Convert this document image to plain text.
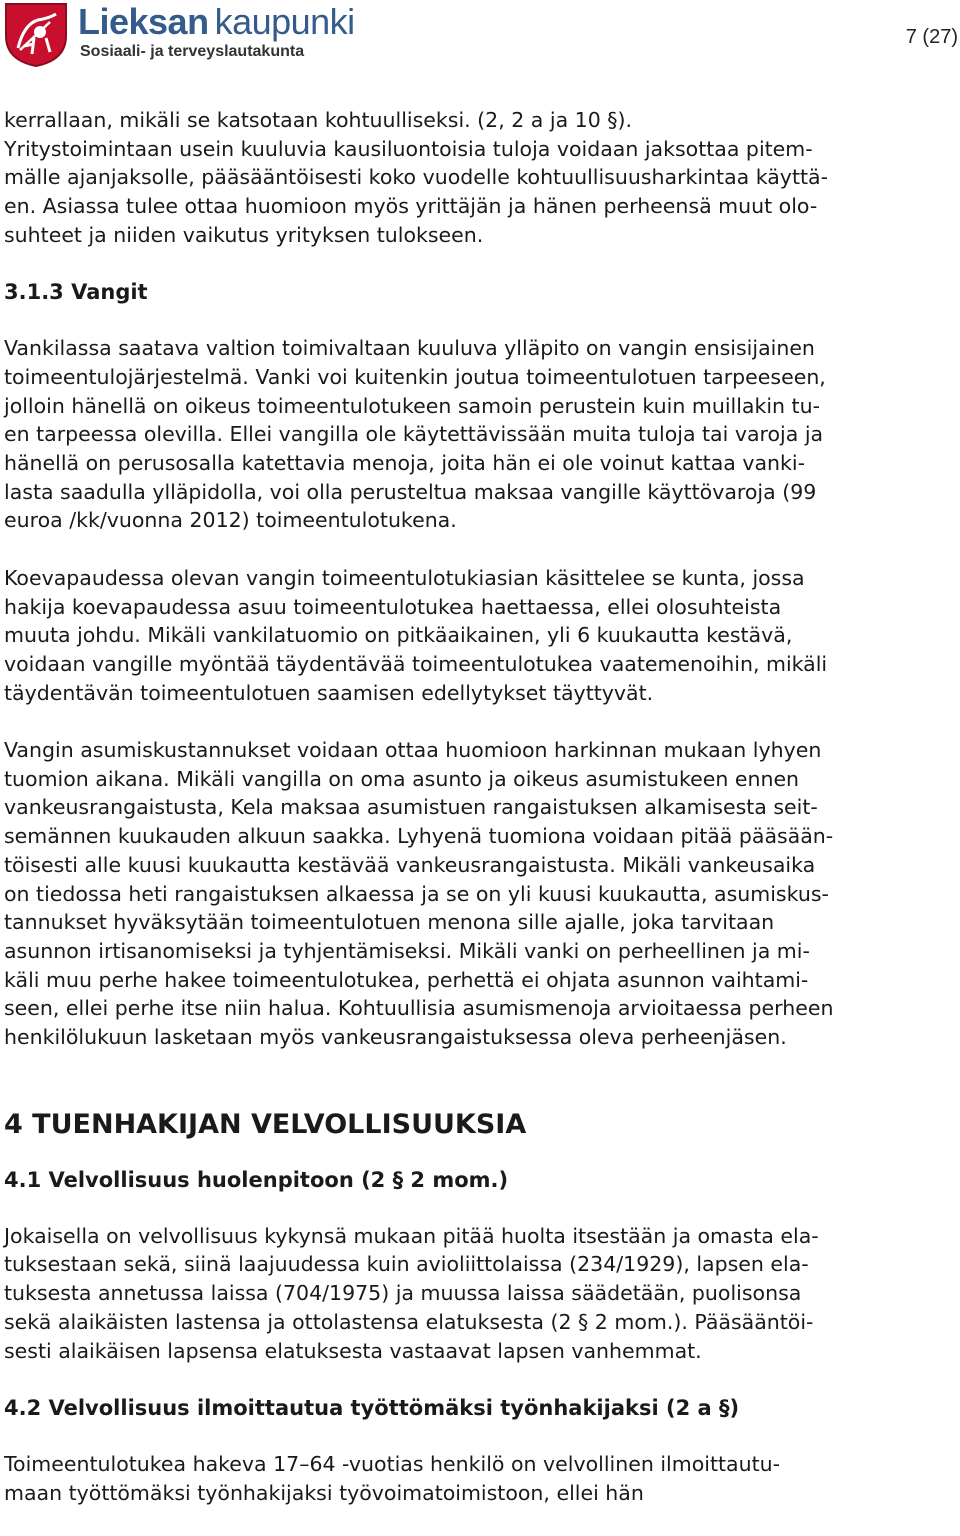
Lieksan kaupunki
Sosiaali- ja terveyslautakunta
7 (27)
kerrallaan, mikäli se katsotaan kohtuulliseksi. (2, 2 a ja 10 §).
Yritystoimintaan usein kuuluvia kausiluontoisia tuloja voidaan jaksottaa pitem-
mälle ajanjaksolle, pääsääntöisesti koko vuodelle kohtuullisuusharkintaa käyttä-
en. Asiassa tulee ottaa huomioon myös yrittäjän ja hänen perheensä muut olo-
suhteet ja niiden vaikutus yrityksen tulokseen.
3.1.3 Vangit
Vankilassa saatava valtion toimivaltaan kuuluva ylläpito on vangin ensisijainen
toimeentulojärjestelmä. Vanki voi kuitenkin joutua toimeentulotuen tarpeeseen,
jolloin hänellä on oikeus toimeentulotukeen samoin perustein kuin muillakin tu-
en tarpeessa olevilla. Ellei vangilla ole käytettävissään muita tuloja tai varoja ja
hänellä on perusosalla katettavia menoja, joita hän ei ole voinut kattaa vanki-
lasta saadulla ylläpidolla, voi olla perusteltua maksaa vangille käyttövaroja (99
euroa /kk/vuonna 2012) toimeentulotukena.
Koevapaudessa olevan vangin toimeentulotukiasian käsittelee se kunta, jossa
hakija koevapaudessa asuu toimeentulotukea haettaessa, ellei olosuhteista
muuta johdu. Mikäli vankilatuomio on pitkäaikainen, yli 6 kuukautta kestävä,
voidaan vangille myöntää täydentävää toimeentulotukea vaatemenoihin, mikäli
täydentävän toimeentulotuen saamisen edellytykset täyttyvät.
Vangin asumiskustannukset voidaan ottaa huomioon harkinnan mukaan lyhyen
tuomion aikana. Mikäli vangilla on oma asunto ja oikeus asumistukeen ennen
vankeusrangaistusta, Kela maksaa asumistuen rangaistuksen alkamisesta seit-
semännen kuukauden alkuun saakka. Lyhyenä tuomiona voidaan pitää pääsään-
töisesti alle kuusi kuukautta kestävää vankeusrangaistusta. Mikäli vankeusaika
on tiedossa heti rangaistuksen alkaessa ja se on yli kuusi kuukautta, asumiskus-
tannukset hyväksytään toimeentulotuen menona sille ajalle, joka tarvitaan
asunnon irtisanomiseksi ja tyhjentämiseksi. Mikäli vanki on perheellinen ja mi-
käli muu perhe hakee toimeentulotukea, perhettä ei ohjata asunnon vaihtami-
seen, ellei perhe itse niin halua. Kohtuullisia asumismenoja arvioitaessa perheen
henkilölukuun lasketaan myös vankeusrangaistuksessa oleva perheenjäsen.
4 TUENHAKIJAN VELVOLLISUUKSIA
4.1 Velvollisuus huolenpitoon (2 § 2 mom.)
Jokaisella on velvollisuus kykynsä mukaan pitää huolta itsestään ja omasta ela-
tuksestaan sekä, siinä laajuudessa kuin avioliittolaissa (234/1929), lapsen ela-
tuksesta annetussa laissa (704/1975) ja muussa laissa säädetään, puolisonsa
sekä alaikäisten lastensa ja ottolastensa elatuksesta (2 § 2 mom.). Pääsääntöi-
sesti alaikäisen lapsensa elatuksesta vastaavat lapsen vanhemmat.
4.2 Velvollisuus ilmoittautua työttömäksi työnhakijaksi (2 a §)
Toimeentulotukea hakeva 17–64 -vuotias henkilö on velvollinen ilmoittautu-
maan työttömäksi työnhakijaksi työvoimatoimistoon, ellei hän
